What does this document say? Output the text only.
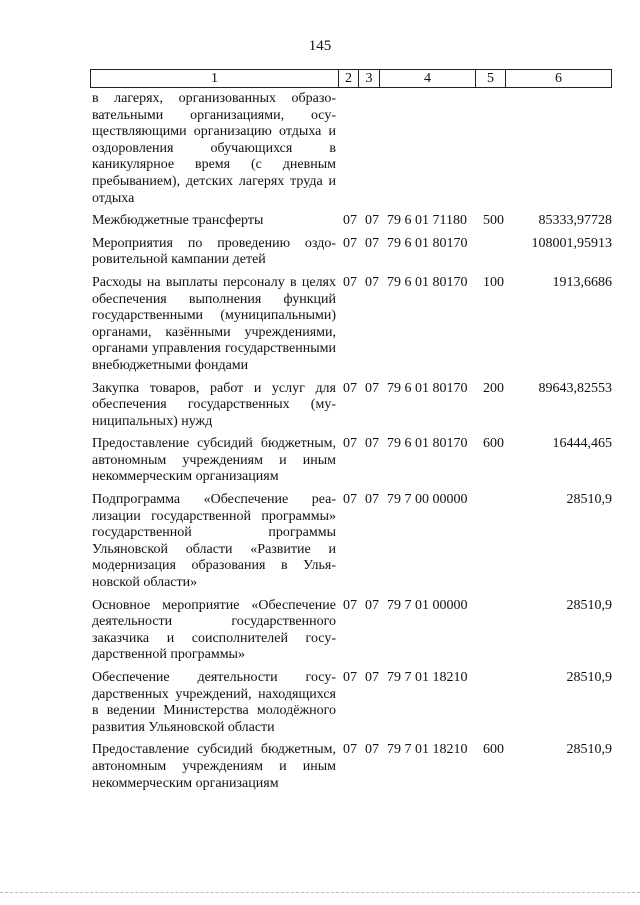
145
1	2	3	4	5	6
в лагерях, организованных образовательными организациями, осуществляющими организацию отдыха и оздоровления обучающихся в каникулярное время (с дневным пребыванием), детских лагерях труда и отдыха						
Межбюджетные трансферты		07	07	79 6 01 71180	500	85333,97728
Мероприятия по проведению оздоровительной кампании детей		07	07	79 6 01 80170		108001,95913
Расходы на выплаты персоналу в целях обеспечения выполнения функций государственными (муниципальными) органами, казёнными учреждениями, органами управления государственными внебюджетными фондами		07	07	79 6 01 80170	100	1913,6686
Закупка товаров, работ и услуг для обеспечения государственных (муниципальных) нужд		07	07	79 6 01 80170	200	89643,82553
Предоставление субсидий бюджетным, автономным учреждениям и иным некоммерческим организациям		07	07	79 6 01 80170	600	16444,465
Подпрограмма «Обеспечение реализации государственной программы» государственной программы Ульяновской области «Развитие и модернизация образования в Ульяновской области»		07	07	79 7 00 00000		28510,9
Основное мероприятие «Обеспечение деятельности государственного заказчика и соисполнителей государственной программы»		07	07	79 7 01 00000		28510,9
Обеспечение деятельности государственных учреждений, находящихся в ведении Министерства молодёжного развития Ульяновской области		07	07	79 7 01 18210		28510,9
Предоставление субсидий бюджетным, автономным учреждениям и иным некоммерческим организациям		07	07	79 7 01 18210	600	28510,9
